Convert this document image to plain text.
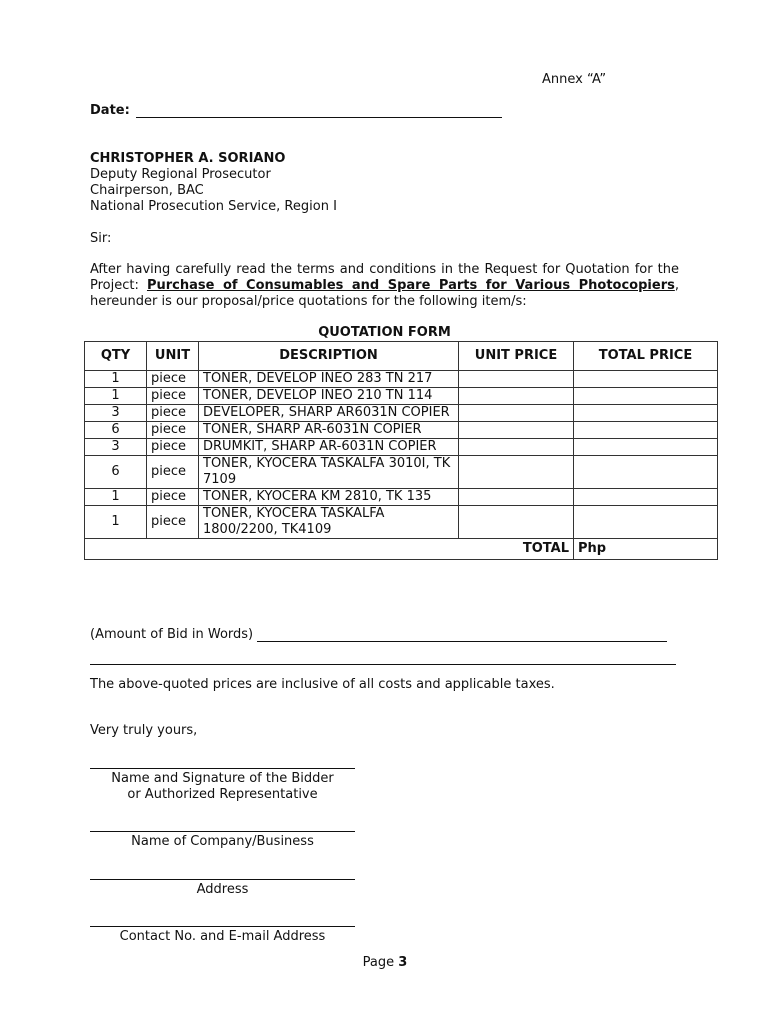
Annex “A”
Date:
CHRISTOPHER A. SORIANO
Deputy Regional Prosecutor
Chairperson, BAC
National Prosecution Service, Region I
Sir:
After having carefully read the terms and conditions in the Request for Quotation for the Project: Purchase of Consumables and Spare Parts for Various Photocopiers, hereunder is our proposal/price quotations for the following item/s:
QUOTATION FORM
QTY	UNIT	DESCRIPTION	UNIT PRICE	TOTAL PRICE
1	piece	TONER, DEVELOP INEO 283 TN 217		
1	piece	TONER, DEVELOP INEO 210 TN 114		
3	piece	DEVELOPER, SHARP AR6031N COPIER		
6	piece	TONER, SHARP AR-6031N COPIER		
3	piece	DRUMKIT, SHARP AR-6031N COPIER		
6	piece	TONER, KYOCERA TASKALFA 3010I, TK 7109		
1	piece	TONER, KYOCERA KM 2810, TK 135		
1	piece	TONER, KYOCERA TASKALFA 1800/2200, TK4109		
TOTAL				Php
(Amount of Bid in Words)
The above-quoted prices are inclusive of all costs and applicable taxes.
Very truly yours,
Name and Signature of the Bidder
or Authorized Representative
Name of Company/Business
Address
Contact No. and E-mail Address
Page 3
